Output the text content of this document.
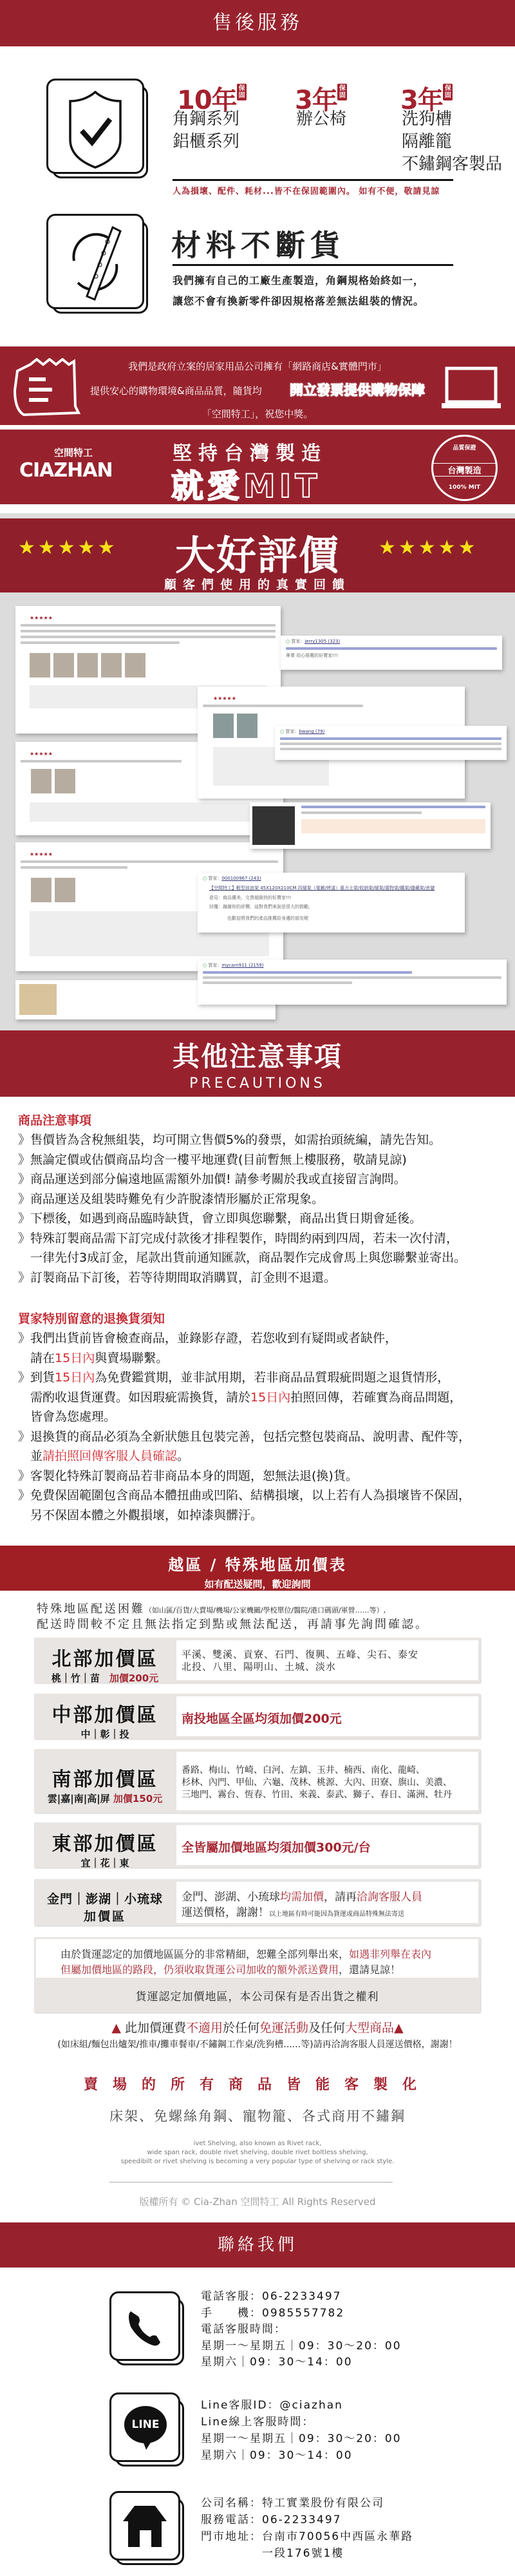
售後服務
10年 保固
角鋼系列
鋁櫃系列
3年 保固
辦公椅
3年 保固
洗狗槽
隔離籠
不鏽鋼客製品
人為損壞、配件、耗材...皆不在保固範圍內。 如有不便，敬請見諒
材料不斷貨
我們擁有自己的工廠生產製造，角鋼規格始終如一，
讓您不會有換新零件卻因規格落差無法組裝的情況。
我們是政府立案的居家用品公司擁有「網路商店&實體門市」
提供安心的購物環境&商品品質，隨貨均 開立發票提供購物保障
「空間特工」，祝您中獎。
空間特工
CIAZHAN
堅持台灣製造
就愛MIT
品質保證
台灣製造
100% MIT
★★★★★	大好評價	★★★★★
顧客們使用的真實回饋
★★★★★
★★★★★
★★★★★
★★★★★
○ 買家：jerry1305 (323)
專業 用心推薦的好賣家!!!
○ 買家：bwang (79)
○ 買家：000100967 (243)
【空間特工】輕型波浪架 45X120X210CM 四層架（電鍍/烤漆）重力士架/收納架/層架/置物架/鐵架/儲藏架/倉儲
意見：商品優美，交貨超級快的好賣家!!!
回覆：謝謝你的評價，這對我們來說是很大的鼓勵，
也歡迎將我們的產品推薦給身邊的朋友喔
○ 買家：mycarn911 (2159)
其他注意事項
PRECAUTIONS
商品注意事項
》售價皆為含稅無組裝，均可開立售價5%的發票，如需抬頭統編，請先告知。
》無論定價或估價商品均含一樓平地運費(目前暫無上樓服務，敬請見諒)
》商品運送到部分偏遠地區需額外加價! 請參考關於我或直接留言詢問。
》商品運送及組裝時難免有少許脫漆情形屬於正常現象。
》下標後，如遇到商品臨時缺貨，會立即與您聯繫，商品出貨日期會延後。
》特殊訂製商品需下訂完成付款後才排程製作，時間約兩到四周，若未一次付清，
　一律先付3成訂金，尾款出貨前通知匯款，商品製作完成會馬上與您聯繫並寄出。
》訂製商品下訂後，若等待期間取消購買，訂金則不退還。
買家特別留意的退換貨須知
》我們出貨前皆會檢查商品，並錄影存證，若您收到有疑問或者缺件，
　請在15日內與賣場聯繫。
》到貨15日內為免費鑑賞期，並非試用期，若非商品品質瑕疵問題之退貨情形，
　需酌收退貨運費。如因瑕疵需換貨，請於15日內拍照回傳，若確實為商品問題，
　皆會為您處理。
》退換貨的商品必須為全新狀態且包裝完善，包括完整包裝商品、說明書、配件等，
　並請拍照回傳客服人員確認。
》客製化特殊訂製商品若非商品本身的問題，恕無法退(換)貨。
》免費保固範圍包含商品本體扭曲或凹陷、結構損壞，以上若有人為損壞皆不保固，
　另不保固本體之外觀損壞，如掉漆與髒汙。
越區 / 特殊地區加價表
如有配送疑問，歡迎詢問
特殊地區配送困難（如山區/百貨/大賣場/機場/公家機關/學校單位/醫院/港口碼頭/軍營……等）,
配送時間較不定且無法指定到點或無法配送，再請事先詢問確認。
北部加價區
桃｜竹｜苗　 加價200元
平溪、雙溪、貢寮、石門、復興、五峰、尖石、泰安
北投、八里、陽明山、土城、淡水
中部加價區
中｜彰｜投
南投地區全區均須加價200元
南部加價區
雲|嘉|南|高|屏 加價150元
番路、梅山、竹崎、白河、左鎮、玉井、楠西、南化、龍崎、
杉林、內門、甲仙、六龜、茂林、桃源、大內、田寮、旗山、美濃、
三地門、霧台、恆春、竹田、來義、泰武、獅子、春日、滿洲、牡丹
東部加價區
宜｜花｜東
全皆屬加價地區均須加價300元/台
金門｜澎湖｜小琉球
加價區
金門、澎湖、小琉球均需加價，請再洽詢客服人員
運送價格，謝謝！以上地區有時可能因為貨運或商品特殊無法寄送
由於貨運認定的加價地區區分的非常精細，恕難全部列舉出來，如遇非列舉在表內
但屬加價地區的路段，仍須收取貨運公司加收的額外派送費用，還請見諒！
貨運認定加價地區，本公司保有是否出貨之權利
▲ 此加價運費不適用於任何免運活動及任何大型商品▲
(如床組/麵包出爐架/推車/攤車餐車/不鏽鋼工作桌/洗狗槽......等)請再洽詢客服人員運送價格，謝謝！
賣場的所有商品皆能客製化
床架、免螺絲角鋼、寵物籠、各式商用不鏽鋼
ivet Shelving, also known as Rivet rack,
wide span rack, double rivet shelving, double rivet boltless shelving,
speedibilt or rivet shelving is becoming a very popular type of shelving or rack style.
版權所有 © Cia-Zhan 空間特工 All Rights Reserved
聯絡我們
電話客服：06-2233497
手　　機：0985557782
電話客服時間：
星期一～星期五｜09：30～20：00
星期六｜09：30～14：00
LINE
Line客服ID：@ciazhan
Line線上客服時間：
星期一～星期五｜09：30～20：00
星期六｜09：30～14：00
公司名稱：特工實業股份有限公司
服務電話：06-2233497
門市地址：台南市70056中西區永華路
　　　　　一段176號1樓
